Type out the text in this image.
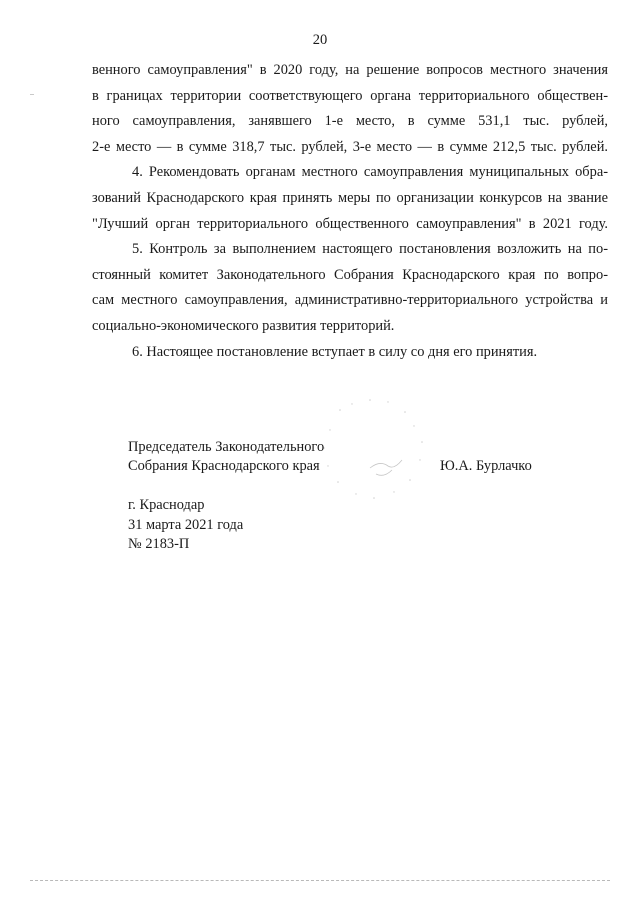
20
венного самоуправления" в 2020 году, на решение вопросов местного значения
в границах территории соответствующего органа территориального обществен-
ного самоуправления, занявшего 1-е место, в сумме 531,1 тыс. рублей,
2-е место — в сумме 318,7 тыс. рублей, 3-е место — в сумме 212,5 тыс. рублей.
4. Рекомендовать органам местного самоуправления муниципальных обра-
зований Краснодарского края принять меры по организации конкурсов на звание
"Лучший орган территориального общественного самоуправления" в 2021 году.
5. Контроль за выполнением настоящего постановления возложить на по-
стоянный комитет Законодательного Собрания Краснодарского края по вопро-
сам местного самоуправления, административно-территориального устройства и
социально-экономического развития территорий.
6. Настоящее постановление вступает в силу со дня его принятия.
Председатель Законодательного
Собрания Краснодарского края	Ю.А. Бурлачко
г. Краснодар
31 марта 2021 года
№ 2183-П
